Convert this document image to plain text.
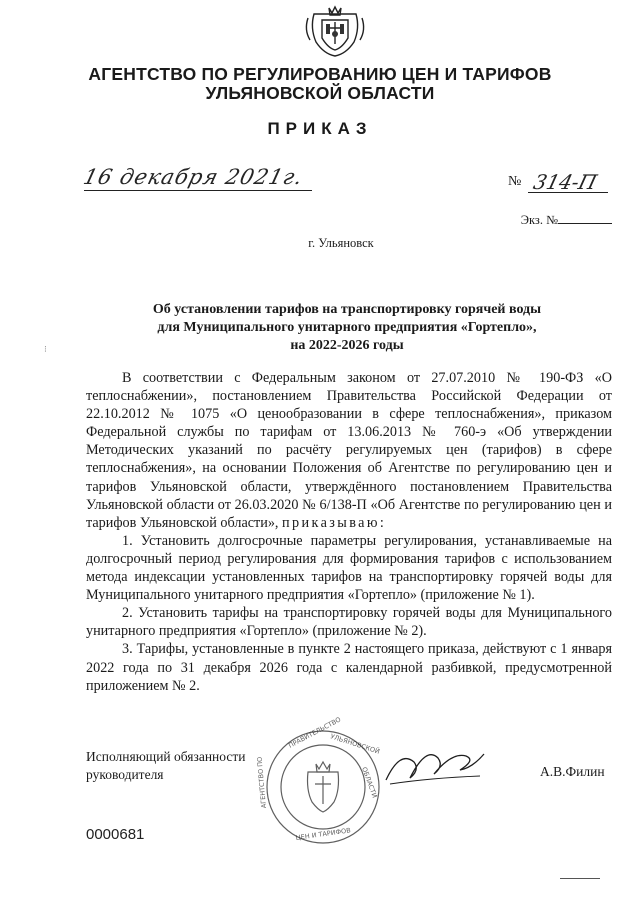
АГЕНТСТВО ПО РЕГУЛИРОВАНИЮ ЦЕН И ТАРИФОВ
УЛЬЯНОВСКОЙ ОБЛАСТИ
ПРИКАЗ
16 декабря 2021г.	№ 314-П
Экз. №
г. Ульяновск
⁝
Об установлении тарифов на транспортировку горячей воды
для Муниципального унитарного предприятия «Гортепло»,
на 2022-2026 годы

В соответствии с Федеральным законом от 27.07.2010 № 190-ФЗ «О теплоснабжении», постановлением Правительства Российской Федерации от 22.10.2012 № 1075 «О ценообразовании в сфере теплоснабжения», приказом Федеральной службы по тарифам от 13.06.2013 № 760-э «Об утверждении Методических указаний по расчёту регулируемых цен (тарифов) в сфере теплоснабжения», на основании Положения об Агентстве по регулированию цен и тарифов Ульяновской области, утверждённого постановлением Правительства Ульяновской области от 26.03.2020 № 6/138-П «Об Агентстве по регулированию цен и тарифов Ульяновской области», приказываю:

1. Установить долгосрочные параметры регулирования, устанавливаемые на долгосрочный период регулирования для формирования тарифов с использованием метода индексации установленных тарифов на транспортировку горячей воды для Муниципального унитарного предприятия «Гортепло» (приложение № 1).

2. Установить тарифы на транспортировку горячей воды для Муниципального унитарного предприятия «Гортепло» (приложение № 2).

3. Тарифы, установленные в пункте 2 настоящего приказа, действуют с 1 января 2022 года по 31 декабря 2026 года с календарной разбивкой, предусмотренной приложением № 2.

Исполняющий обязанности
руководителя
ПРАВИТЕЛЬСТВО
УЛЬЯНОВСКОЙ
ОБЛАСТИ
АГЕНТСТВО ПО
ЦЕН И ТАРИФОВ
А.В.Филин
0000681
